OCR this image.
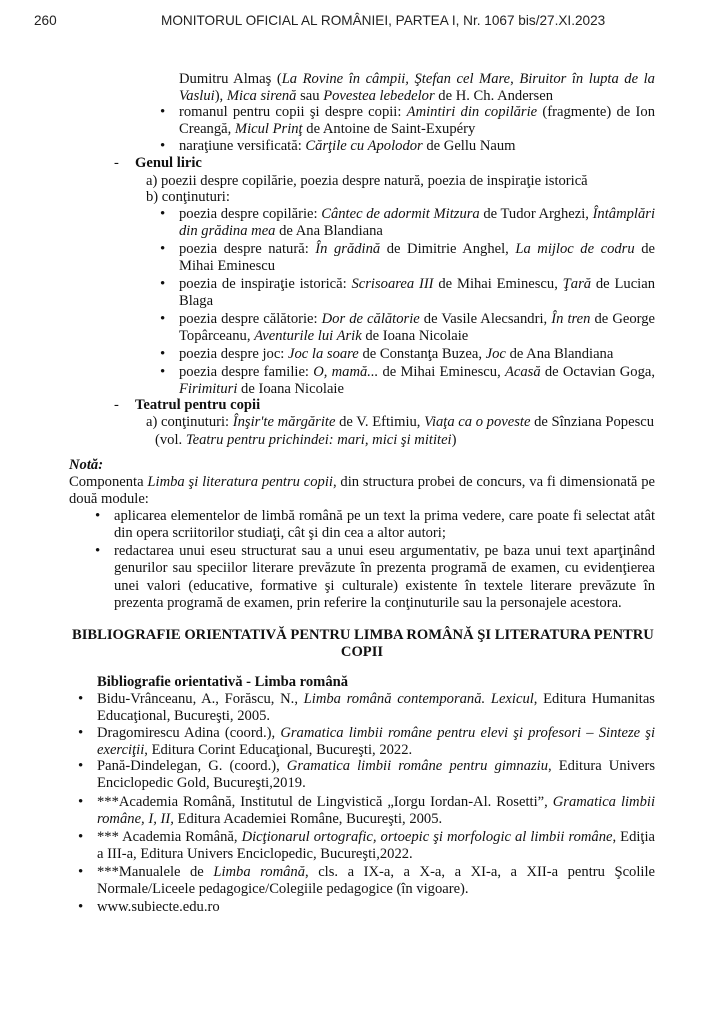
260	MONITORUL OFICIAL AL ROMÂNIEI, PARTEA I, Nr. 1067 bis/27.XI.2023
Dumitru Almaş (La Rovine în câmpii, Ştefan cel Mare, Biruitor în lupta de la
Vaslui), Mica sirenă sau Povestea lebedelor de H. Ch. Andersen
•
romanul pentru copii şi despre copii: Amintiri din copilărie (fragmente) de Ion
Creangă, Micul Prinţ de Antoine de Saint-Exupéry
•
naraţiune versificată: Cărţile cu Apolodor de Gellu Naum
- Genul liric
a) poezii despre copilărie, poezia despre natură, poezia de inspiraţie istorică
b) conţinuturi:
•
poezia despre copilărie: Cântec de adormit Mitzura de Tudor Arghezi, Întâmplări
din grădina mea de Ana Blandiana
•
poezia despre natură: În grădină de Dimitrie Anghel, La mijloc de codru de
Mihai Eminescu
•
poezia de inspiraţie istorică: Scrisoarea III de Mihai Eminescu, Ţară de Lucian
Blaga
•
poezia despre călătorie: Dor de călătorie de Vasile Alecsandri, În tren de George
Topârceanu, Aventurile lui Arik de Ioana Nicolaie
•
poezia despre joc: Joc la soare de Constanţa Buzea, Joc de Ana Blandiana
•
poezia despre familie: O, mamă... de Mihai Eminescu, Acasă de Octavian Goga,
Firimituri de Ioana Nicolaie
- Teatrul pentru copii
a) conţinuturi: Înşir'te mărgărite de V. Eftimiu, Viaţa ca o poveste de Sînziana Popescu
(vol. Teatru pentru prichindei: mari, mici şi mititei)
Notă:
Componenta Limba şi literatura pentru copii, din structura probei de concurs, va fi dimensionată pe
două module:
•
aplicarea elementelor de limbă română pe un text la prima vedere, care poate fi selectat atât
din opera scriitorilor studiaţi, cât şi din cea a altor autori;
•
redactarea unui eseu structurat sau a unui eseu argumentativ, pe baza unui text aparţinând
genurilor sau speciilor literare prevăzute în prezenta programă de examen, cu evidenţierea
unei valori (educative, formative şi culturale) existente în textele literare prevăzute în
prezenta programă de examen, prin referire la conţinuturile sau la personajele acestora.
BIBLIOGRAFIE ORIENTATIVĂ PENTRU LIMBA ROMÂNĂ ŞI LITERATURA PENTRU
COPII
Bibliografie orientativă - Limba română
•
Bidu-Vrânceanu, A., Forăscu, N., Limba română contemporană. Lexicul, Editura Humanitas
Educaţional, Bucureşti, 2005.
•
Dragomirescu Adina (coord.), Gramatica limbii române pentru elevi şi profesori – Sinteze şi
exerciţii, Editura Corint Educaţional, Bucureşti, 2022.
•
Pană-Dindelegan, G. (coord.), Gramatica limbii române pentru gimnaziu, Editura Univers
Enciclopedic Gold, Bucureşti,2019.
•
***Academia Română, Institutul de Lingvistică „Iorgu Iordan-Al. Rosetti”, Gramatica limbii
române, I, II, Editura Academiei Române, Bucureşti, 2005.
•
*** Academia Română, Dicţionarul ortografic, ortoepic şi morfologic al limbii române, Ediţia
a III-a, Editura Univers Enciclopedic, Bucureşti,2022.
•
***Manualele de Limba română, cls. a IX-a, a X-a, a XI-a, a XII-a pentru Şcolile
Normale/Liceele pedagogice/Colegiile pedagogice (în vigoare).
•
www.subiecte.edu.ro
